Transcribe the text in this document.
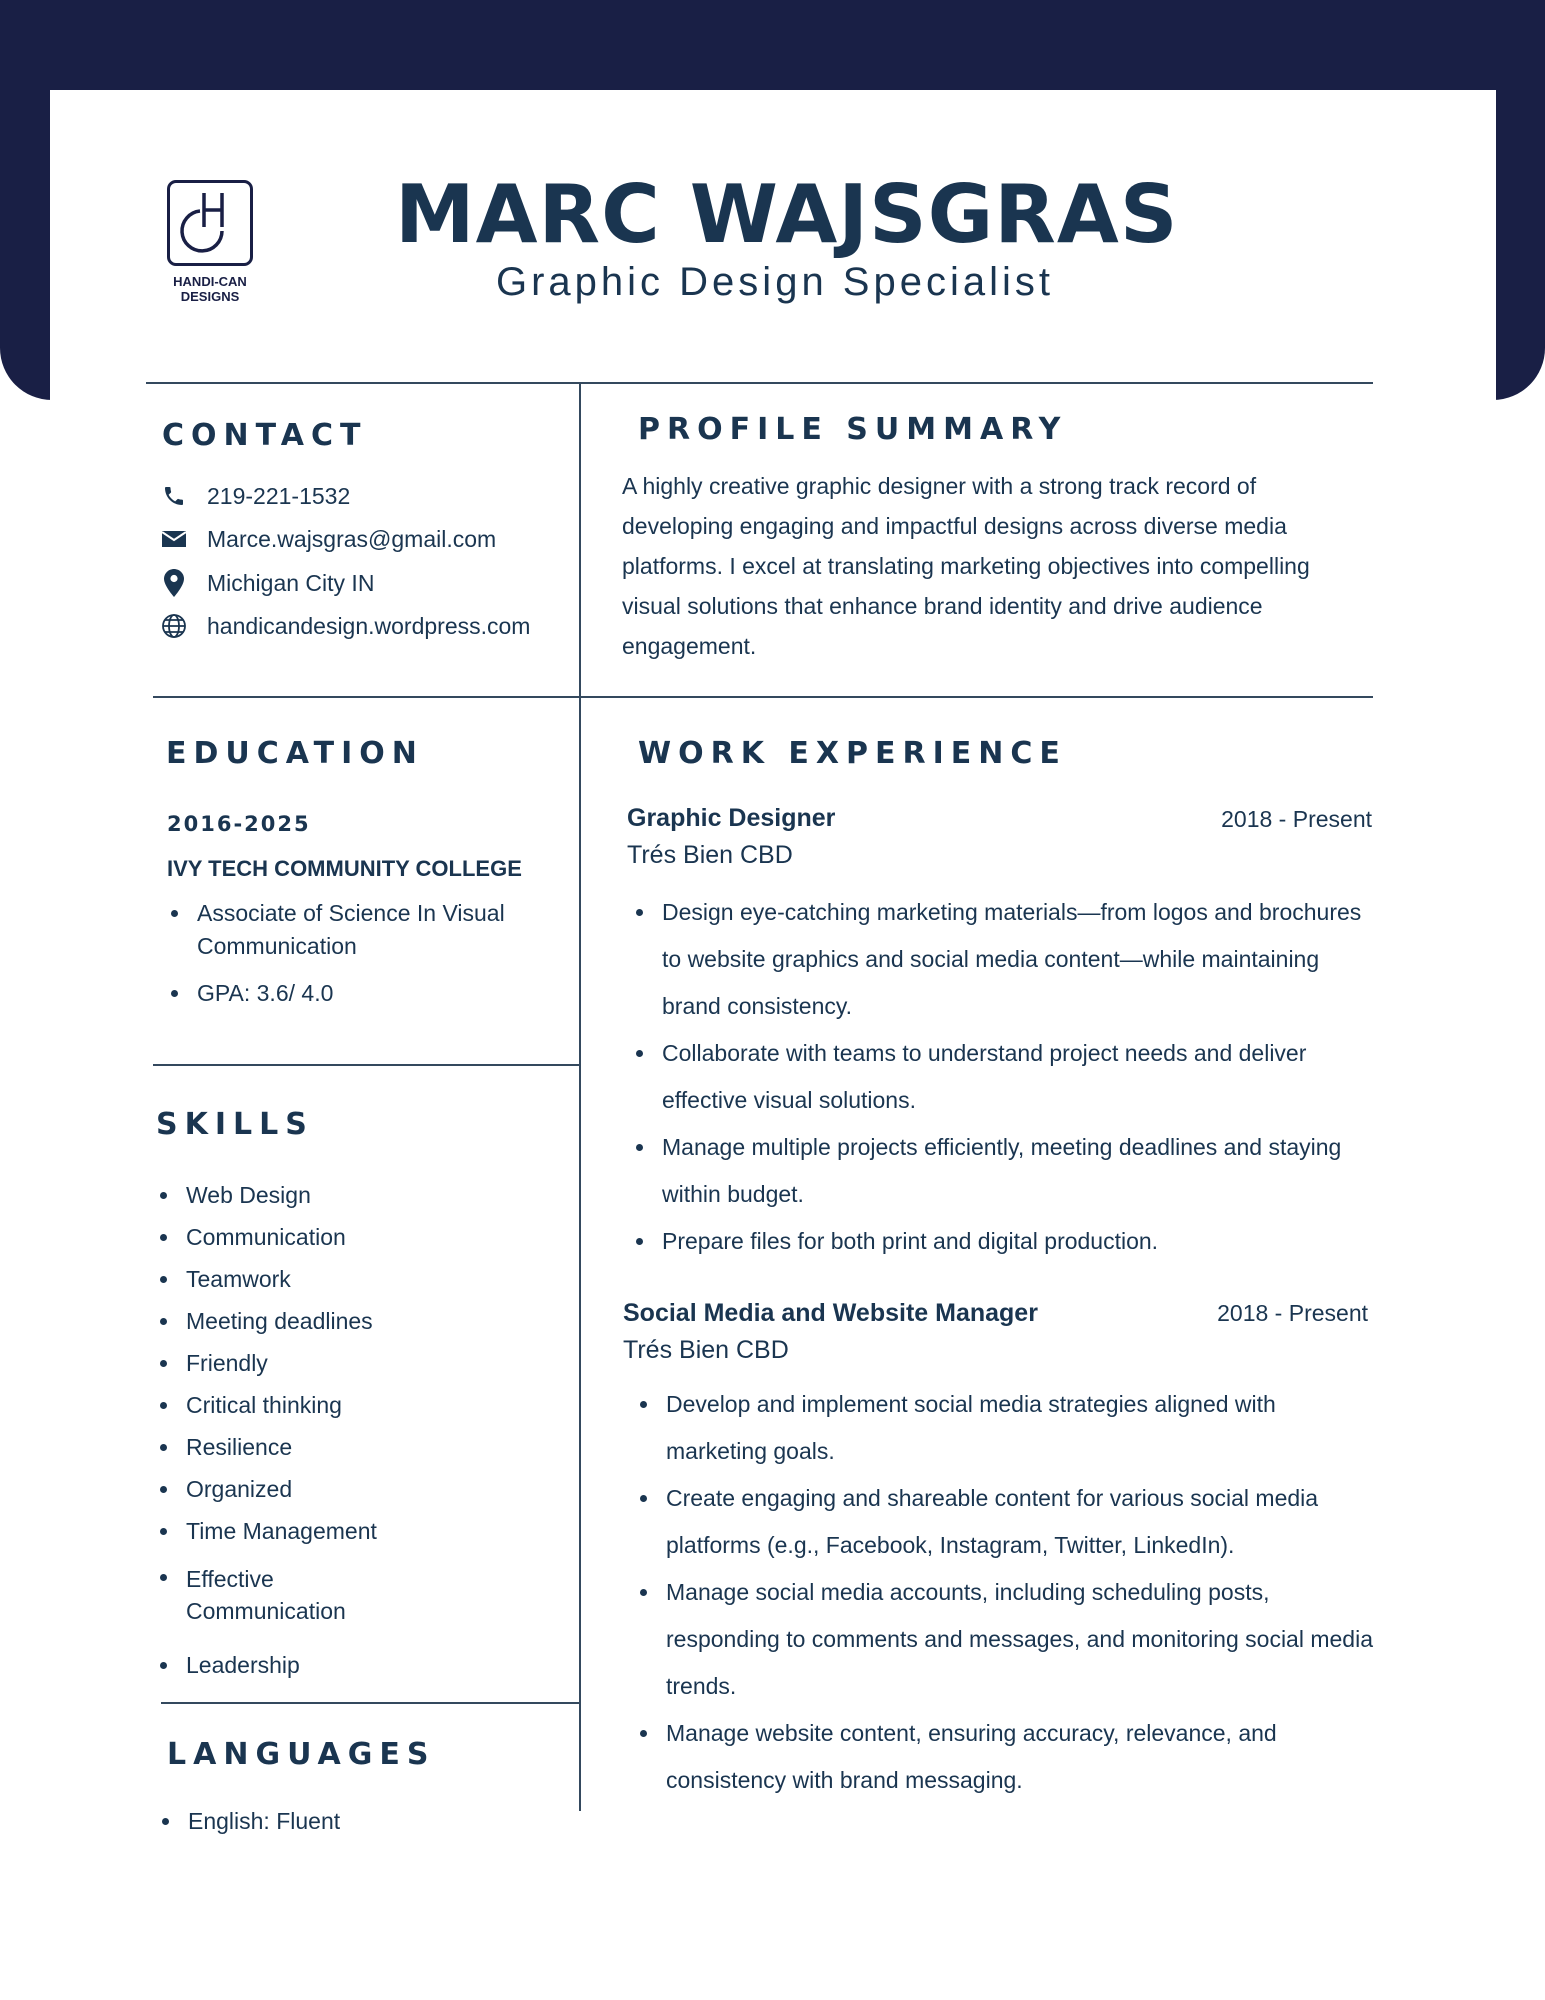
HANDI-CAN
DESIGNS
MARC WAJSGRAS
Graphic Design Specialist
CONTACT
219-221-1532
Marce.wajsgras@gmail.com
Michigan City IN
handicandesign.wordpress.com
PROFILE SUMMARY
A highly creative graphic designer with a strong track record of developing engaging and impactful designs across diverse media platforms. I excel at translating marketing objectives into compelling visual solutions that enhance brand identity and drive audience engagement.
EDUCATION
2016-2025
IVY TECH COMMUNITY COLLEGE
Associate of Science In Visual Communication
GPA: 3.6/ 4.0
SKILLS
Web Design
Communication
Teamwork
Meeting deadlines
Friendly
Critical thinking
Resilience
Organized
Time Management
Effective Communication
Leadership
LANGUAGES
English: Fluent
WORK EXPERIENCE
Graphic Designer	2018 - Present
Trés Bien CBD
Design eye-catching marketing materials—from logos and brochures to website graphics and social media content—while maintaining brand consistency.
Collaborate with teams to understand project needs and deliver effective visual solutions.
Manage multiple projects efficiently, meeting deadlines and staying within budget.
Prepare files for both print and digital production.
Social Media and Website Manager	2018 - Present
Trés Bien CBD
Develop and implement social media strategies aligned with marketing goals.
Create engaging and shareable content for various social media platforms (e.g., Facebook, Instagram, Twitter, LinkedIn).
Manage social media accounts, including scheduling posts, responding to comments and messages, and monitoring social media trends.
Manage website content, ensuring accuracy, relevance, and consistency with brand messaging.
